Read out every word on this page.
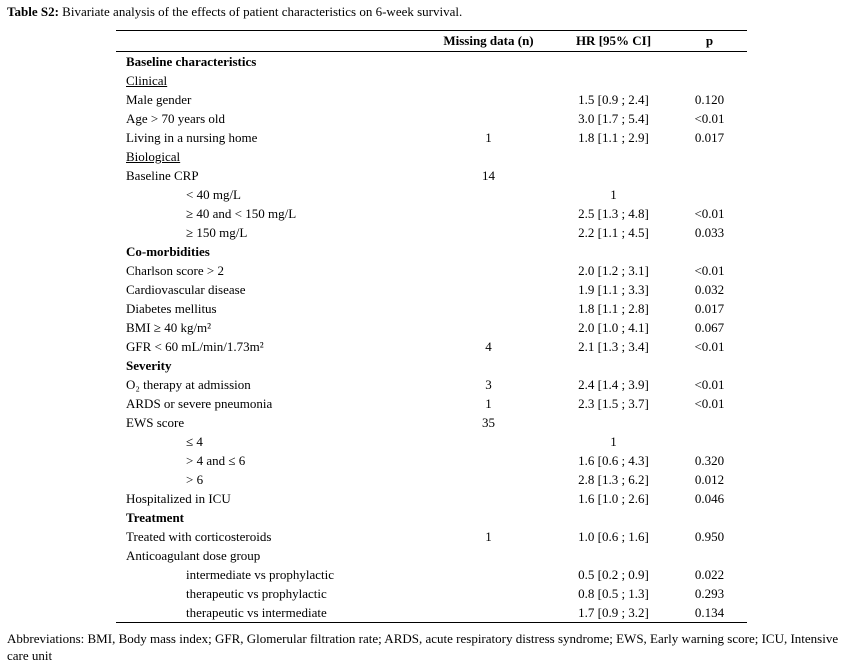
Table S2: Bivariate analysis of the effects of patient characteristics on 6-week survival.
	Missing data (n)	HR [95% CI]	p
Baseline characteristics			
Clinical			
Male gender		1.5 [0.9 ; 2.4]	0.120
Age > 70 years old		3.0 [1.7 ; 5.4]	<0.01
Living in a nursing home	1	1.8 [1.1 ; 2.9]	0.017
Biological			
Baseline CRP	14		
< 40 mg/L		1	
≥ 40 and < 150 mg/L		2.5 [1.3 ; 4.8]	<0.01
≥ 150 mg/L		2.2 [1.1 ; 4.5]	0.033
Co-morbidities			
Charlson score > 2		2.0 [1.2 ; 3.1]	<0.01
Cardiovascular disease		1.9 [1.1 ; 3.3]	0.032
Diabetes mellitus		1.8 [1.1 ; 2.8]	0.017
BMI ≥ 40 kg/m²		2.0 [1.0 ; 4.1]	0.067
GFR < 60 mL/min/1.73m²	4	2.1 [1.3 ; 3.4]	<0.01
Severity			
O₂ therapy at admission	3	2.4 [1.4 ; 3.9]	<0.01
ARDS or severe pneumonia	1	2.3 [1.5 ; 3.7]	<0.01
EWS score	35		
≤ 4		1	
> 4 and ≤ 6		1.6 [0.6 ; 4.3]	0.320
> 6		2.8 [1.3 ; 6.2]	0.012
Hospitalized in ICU		1.6 [1.0 ; 2.6]	0.046
Treatment			
Treated with corticosteroids	1	1.0 [0.6 ; 1.6]	0.950
Anticoagulant dose group			
intermediate vs prophylactic		0.5 [0.2 ; 0.9]	0.022
therapeutic vs prophylactic		0.8 [0.5 ; 1.3]	0.293
therapeutic vs intermediate		1.7 [0.9 ; 3.2]	0.134
Abbreviations: BMI, Body mass index; GFR, Glomerular filtration rate; ARDS, acute respiratory distress syndrome; EWS, Early warning score; ICU, Intensive care unit
